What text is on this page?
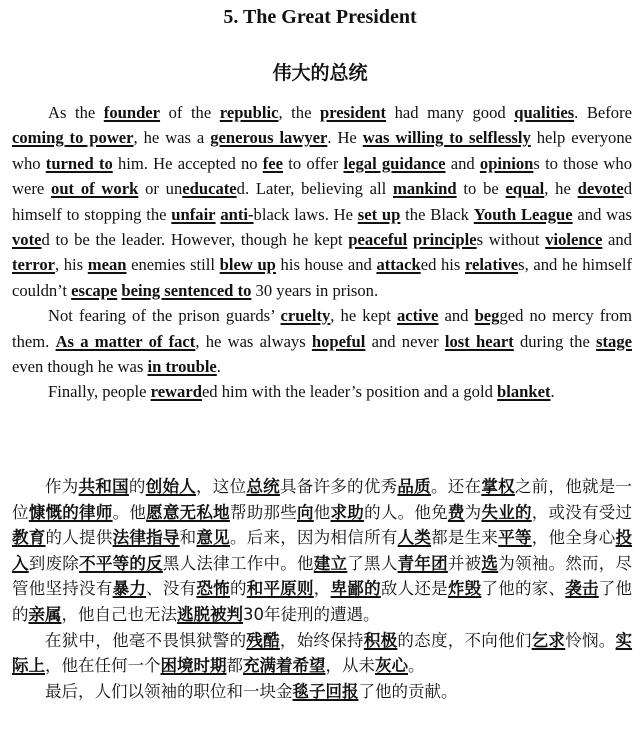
5. The Great President
伟大的总统

As the founder of the republic, the president had many good qualities. Before coming to power, he was a generous lawyer. He was willing to selflessly help everyone who turned to him. He accepted no fee to offer legal guidance and opinions to those who were out of work or uneducated. Later, believing all mankind to be equal, he devoted himself to stopping the unfair anti-black laws. He set up the Black Youth League and was voted to be the leader. However, though he kept peaceful principles without violence and terror, his mean enemies still blew up his house and attacked his relatives, and he himself couldn’t escape being sentenced to 30 years in prison.

Not fearing of the prison guards’ cruelty, he kept active and begged no mercy from them. As a matter of fact, he was always hopeful and never lost heart during the stage even though he was in trouble.

Finally, people rewarded him with the leader’s position and a gold blanket.

作为共和国的创始人，这位总统具备许多的优秀品质。还在掌权之前，他就是一位慷慨的律师。他愿意无私地帮助那些向他求助的人。他免费为失业的，或没有受过教育的人提供法律指导和意见。后来，因为相信所有人类都是生来平等，他全身心投入到废除不平等的反黑人法律工作中。他建立了黑人青年团并被选为领袖。然而，尽管他坚持没有暴力、没有恐怖的和平原则，卑鄙的敌人还是炸毁了他的家、袭击了他的亲属，他自己也无法逃脱被判30年徒刑的遭遇。

在狱中，他毫不畏惧狱警的残酷，始终保持积极的态度，不向他们乞求怜悯。实际上，他在任何一个困境时期都充满着希望，从未灰心。

最后，人们以领袖的职位和一块金毯子回报了他的贡献。
